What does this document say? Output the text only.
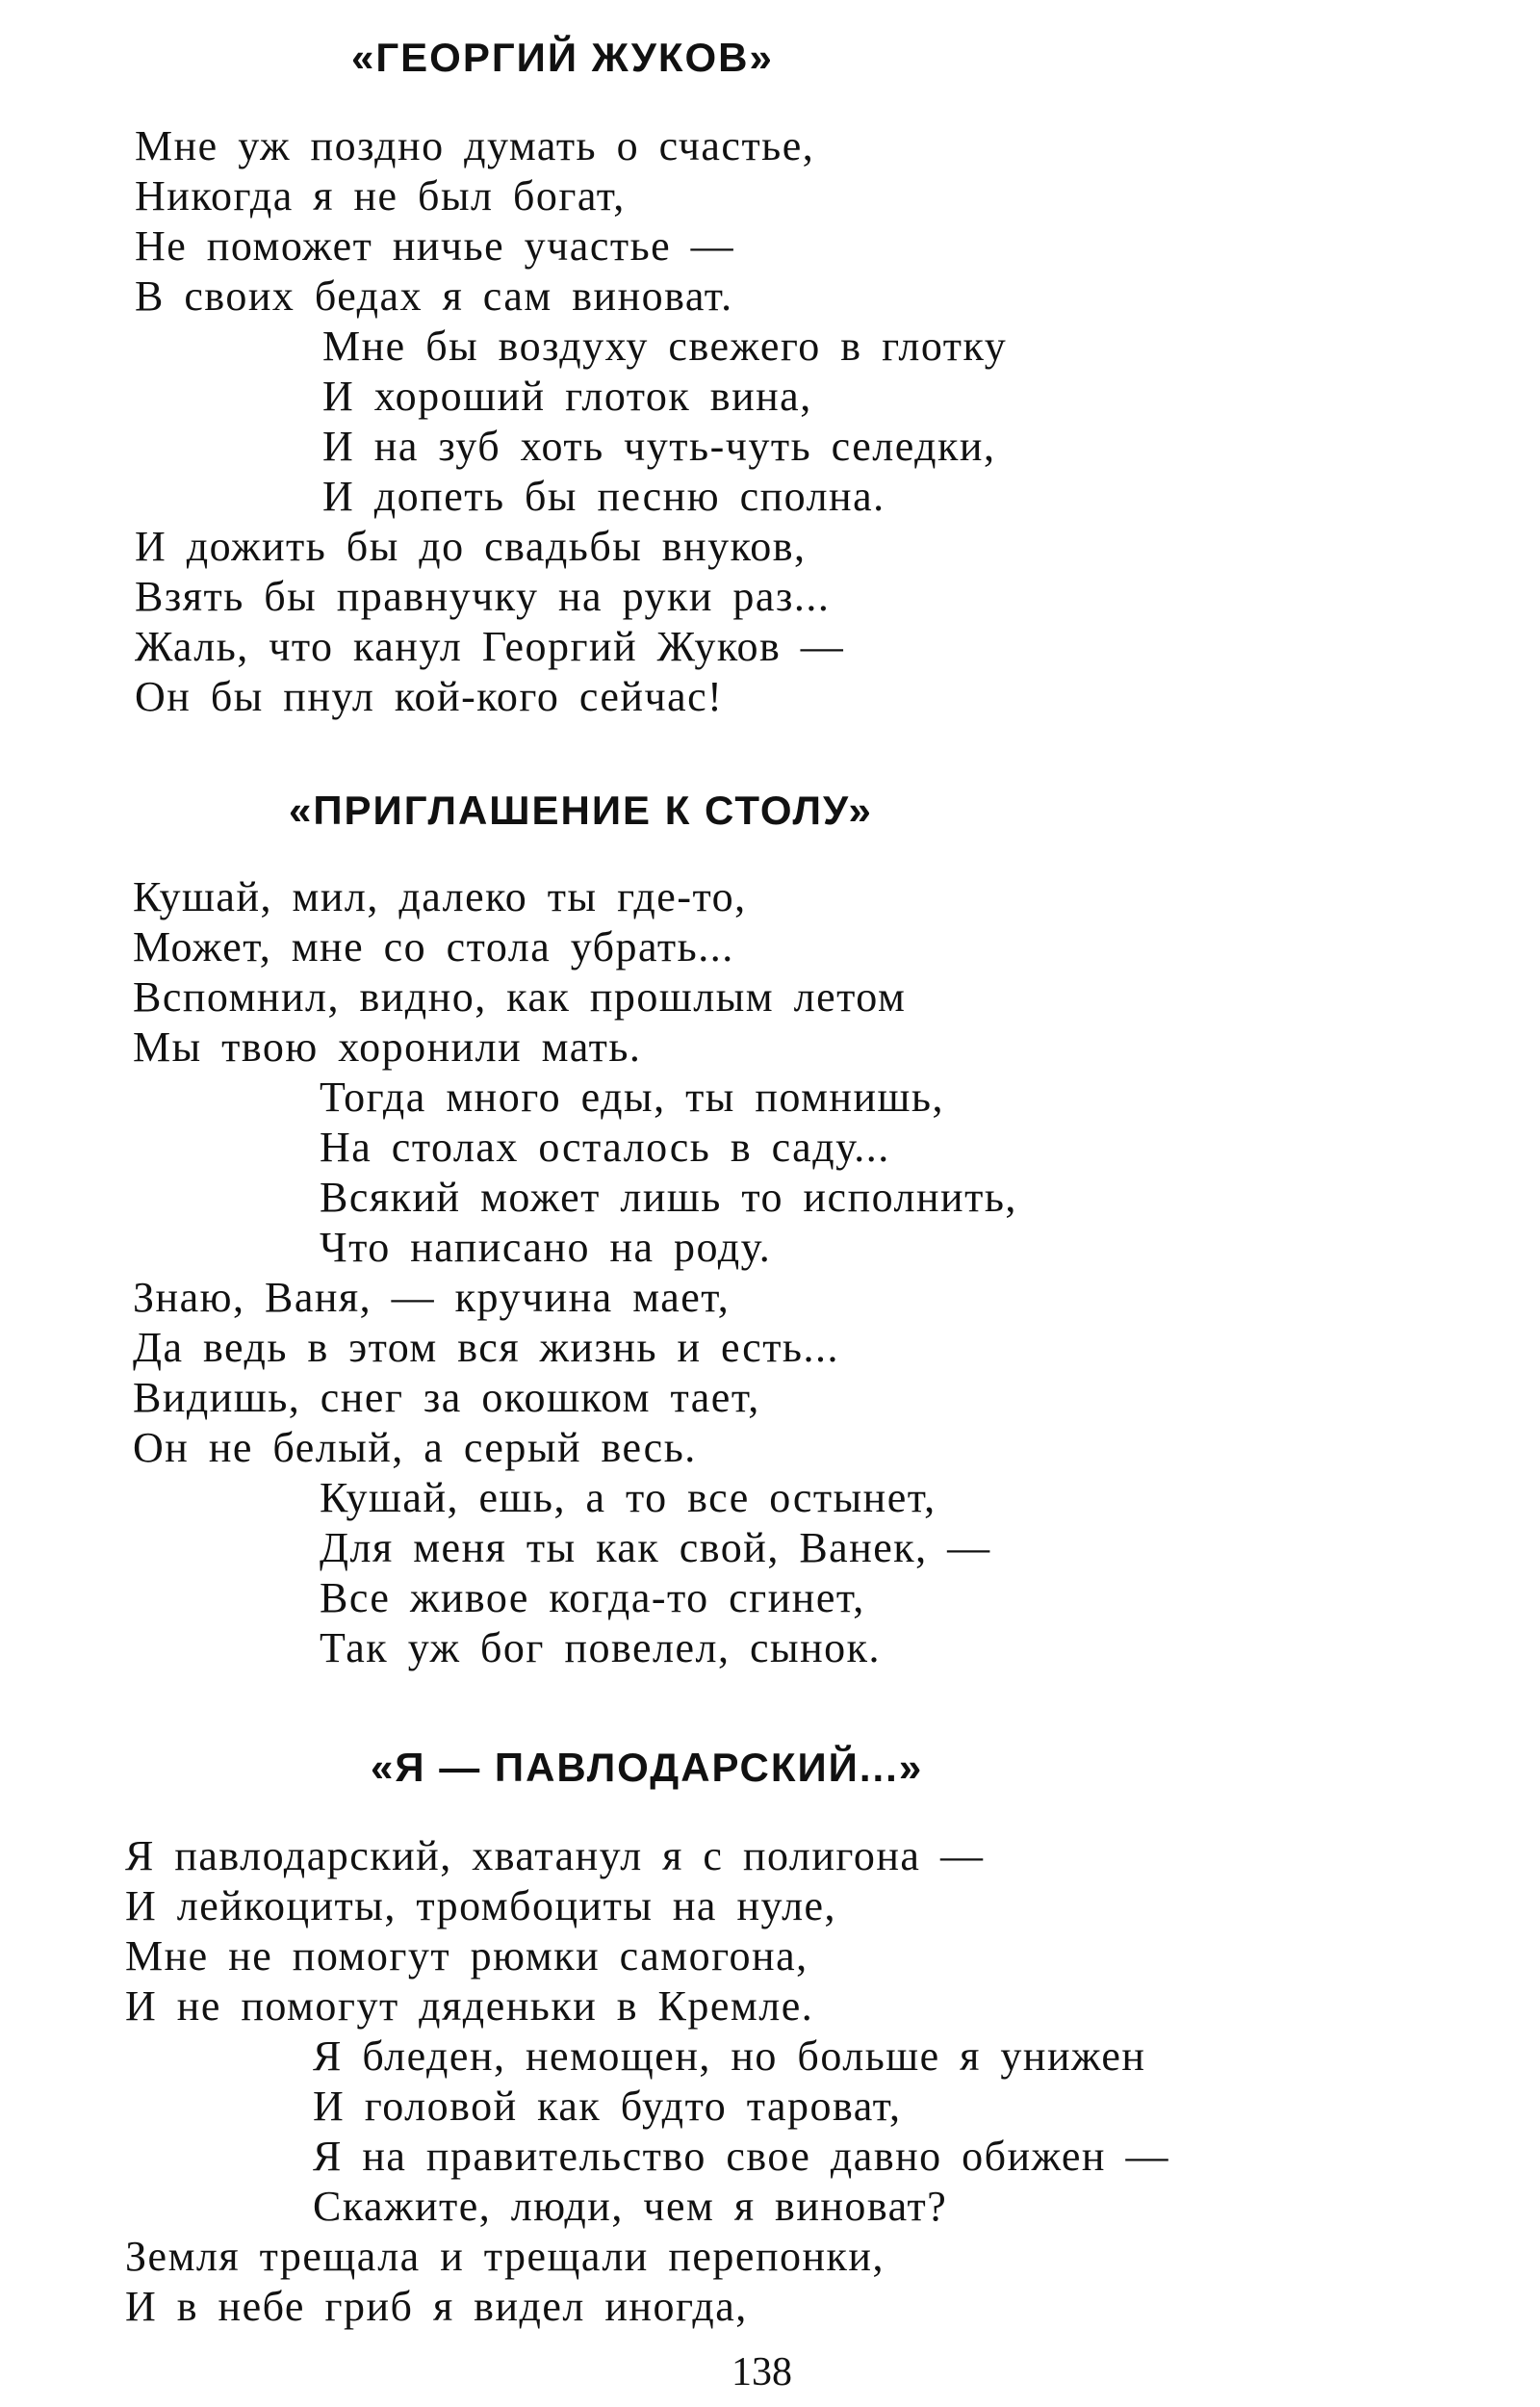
«ГЕОРГИЙ ЖУКОВ»
Мне уж поздно думать о счастье,
Никогда я не был богат,
Не поможет ничье участье —
В своих бедах я сам виноват.
Мне бы воздуху свежего в глотку
И хороший глоток вина,
И на зуб хоть чуть-чуть селедки,
И допеть бы песню сполна.
И дожить бы до свадьбы внуков,
Взять бы правнучку на руки раз...
Жаль, что канул Георгий Жуков —
Он бы пнул кой-кого сейчас!
«ПРИГЛАШЕНИЕ К СТОЛУ»
Кушай, мил, далеко ты где-то,
Может, мне со стола убрать...
Вспомнил, видно, как прошлым летом
Мы твою хоронили мать.
Тогда много еды, ты помнишь,
На столах осталось в саду...
Всякий может лишь то исполнить,
Что написано на роду.
Знаю, Ваня, — кручина мает,
Да ведь в этом вся жизнь и есть...
Видишь, снег за окошком тает,
Он не белый, а серый весь.
Кушай, ешь, а то все остынет,
Для меня ты как свой, Ванек, —
Все живое когда-то сгинет,
Так уж бог повелел, сынок.
«Я — ПАВЛОДАРСКИЙ...»
Я павлодарский, хватанул я с полигона —
И лейкоциты, тромбоциты на нуле,
Мне не помогут рюмки самогона,
И не помогут дяденьки в Кремле.
Я бледен, немощен, но больше я унижен
И головой как будто тароват,
Я на правительство свое давно обижен —
Скажите, люди, чем я виноват?
Земля трещала и трещали перепонки,
И в небе гриб я видел иногда,
138
